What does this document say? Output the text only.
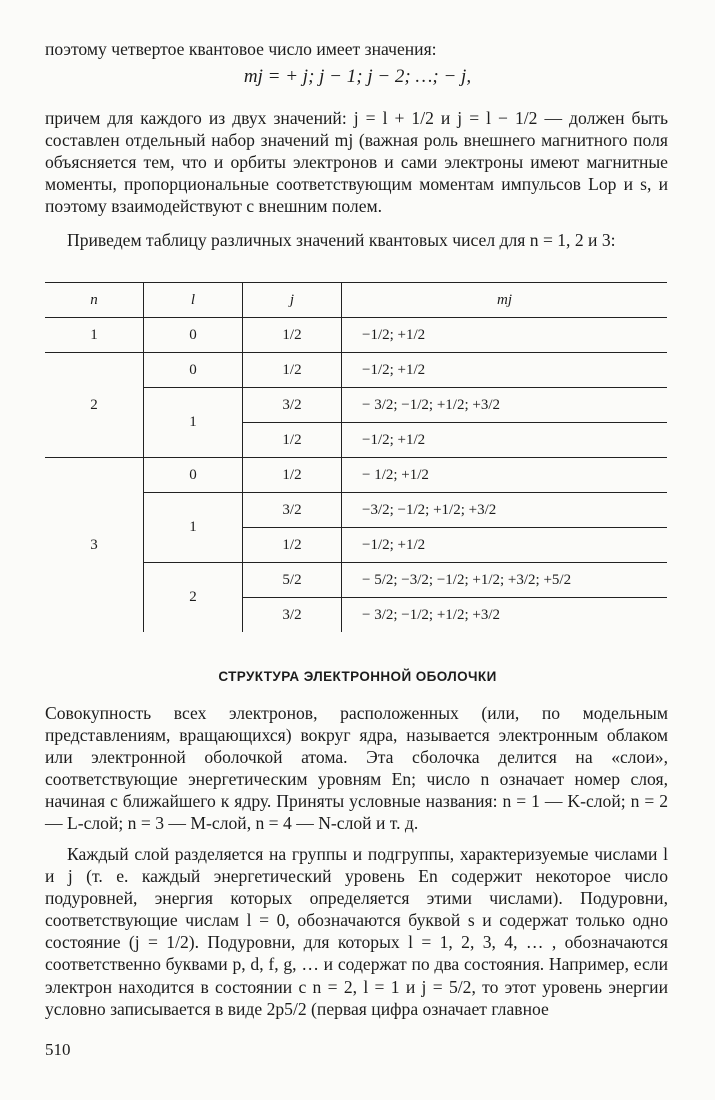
поэтому четвертое квантовое число имеет значения:
mj = + j; j − 1; j − 2; …; − j,
причем для каждого из двух значений: j = l + 1/2 и j = l − 1/2 — должен быть составлен отдельный набор значений mj (важная роль внешнего магнитного поля объясняется тем, что и орбиты электронов и сами электроны имеют магнитные моменты, пропорциональные соответствующим моментам импульсов Lop и s, и поэтому взаимодействуют с внешним полем.
Приведем таблицу различных значений квантовых чисел для n = 1, 2 и 3:
n	l	j	mj
1	0	1/2	−1/2; +1/2
2	0	1/2	−1/2; +1/2
	1	3/2	− 3/2; −1/2; +1/2; +3/2
		1/2	−1/2; +1/2
3	0	1/2	− 1/2; +1/2
	1	3/2	−3/2; −1/2; +1/2; +3/2
		1/2	−1/2; +1/2
	2	5/2	− 5/2; −3/2; −1/2; +1/2; +3/2; +5/2
		3/2	− 3/2; −1/2; +1/2; +3/2
СТРУКТУРА ЭЛЕКТРОННОЙ ОБОЛОЧКИ
Совокупность всех электронов, расположенных (или, по модельным представлениям, вращающихся) вокруг ядра, называется электронным облаком или электронной оболочкой атома. Эта сболочка делится на «слои», соответствующие энергетическим уровням En; число n означает номер слоя, начиная с ближайшего к ядру. Приняты условные названия: n = 1 — K-слой; n = 2 — L-слой; n = 3 — M-слой, n = 4 — N-слой и т. д.
Каждый слой разделяется на группы и подгруппы, характеризуемые числами l и j (т. е. каждый энергетический уровень En содержит некоторое число подуровней, энергия которых определяется этими числами). Подуровни, соответствующие числам l = 0, обозначаются буквой s и содержат только одно состояние (j = 1/2). Подуровни, для которых l = 1, 2, 3, 4, … , обозначаются соответственно буквами p, d, f, g, … и содержат по два состояния. Например, если электрон находится в состоянии с n = 2, l = 1 и j = 5/2, то этот уровень энергии условно записывается в виде 2p5/2 (первая цифра означает главное
510
